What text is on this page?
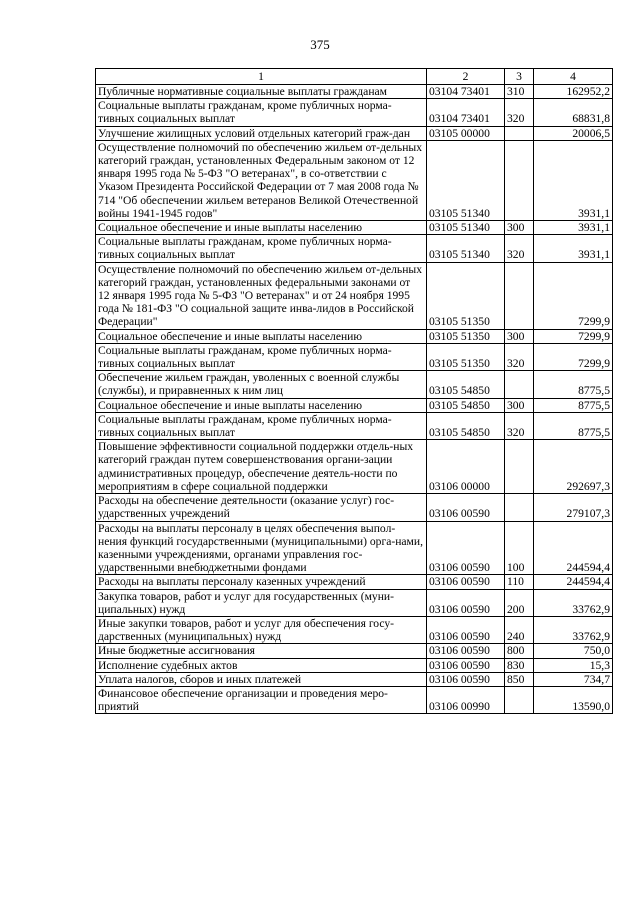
375
1	2	3	4
Публичные нормативные социальные выплаты гражданам	03104 73401	310	162952,2
Социальные выплаты гражданам, кроме публичных норма-тивных социальных выплат	03104 73401	320	68831,8
Улучшение жилищных условий отдельных категорий граж-дан	03105 00000		20006,5
Осуществление полномочий по обеспечению жильем от-дельных категорий граждан, установленных Федеральным законом от 12 января 1995 года № 5-ФЗ "О ветеранах", в со-ответствии с Указом Президента Российской Федерации от 7 мая 2008 года № 714 "Об обеспечении жильем ветеранов Великой Отечественной войны 1941-1945 годов"	03105 51340		3931,1
Социальное обеспечение и иные выплаты населению	03105 51340	300	3931,1
Социальные выплаты гражданам, кроме публичных норма-тивных социальных выплат	03105 51340	320	3931,1
Осуществление полномочий по обеспечению жильем от-дельных категорий граждан, установленных федеральными законами от 12 января 1995 года № 5-ФЗ "О ветеранах" и от 24 ноября 1995 года № 181-ФЗ "О социальной защите инва-лидов в Российской Федерации"	03105 51350		7299,9
Социальное обеспечение и иные выплаты населению	03105 51350	300	7299,9
Социальные выплаты гражданам, кроме публичных норма-тивных социальных выплат	03105 51350	320	7299,9
Обеспечение жильем граждан, уволенных с военной службы (службы), и приравненных к ним лиц	03105 54850		8775,5
Социальное обеспечение и иные выплаты населению	03105 54850	300	8775,5
Социальные выплаты гражданам, кроме публичных норма-тивных социальных выплат	03105 54850	320	8775,5
Повышение эффективности социальной поддержки отдель-ных категорий граждан путем совершенствования органи-зации административных процедур, обеспечение деятель-ности по мероприятиям в сфере социальной поддержки	03106 00000		292697,3
Расходы на обеспечение деятельности (оказание услуг) гос-ударственных учреждений	03106 00590		279107,3
Расходы на выплаты персоналу в целях обеспечения выпол-нения функций государственными (муниципальными) орга-нами, казенными учреждениями, органами управления гос-ударственными внебюджетными фондами	03106 00590	100	244594,4
Расходы на выплаты персоналу казенных учреждений	03106 00590	110	244594,4
Закупка товаров, работ и услуг для государственных (муни-ципальных) нужд	03106 00590	200	33762,9
Иные закупки товаров, работ и услуг для обеспечения госу-дарственных (муниципальных) нужд	03106 00590	240	33762,9
Иные бюджетные ассигнования	03106 00590	800	750,0
Исполнение судебных актов	03106 00590	830	15,3
Уплата налогов, сборов и иных платежей	03106 00590	850	734,7
Финансовое обеспечение организации и проведения меро-приятий	03106 00990		13590,0
